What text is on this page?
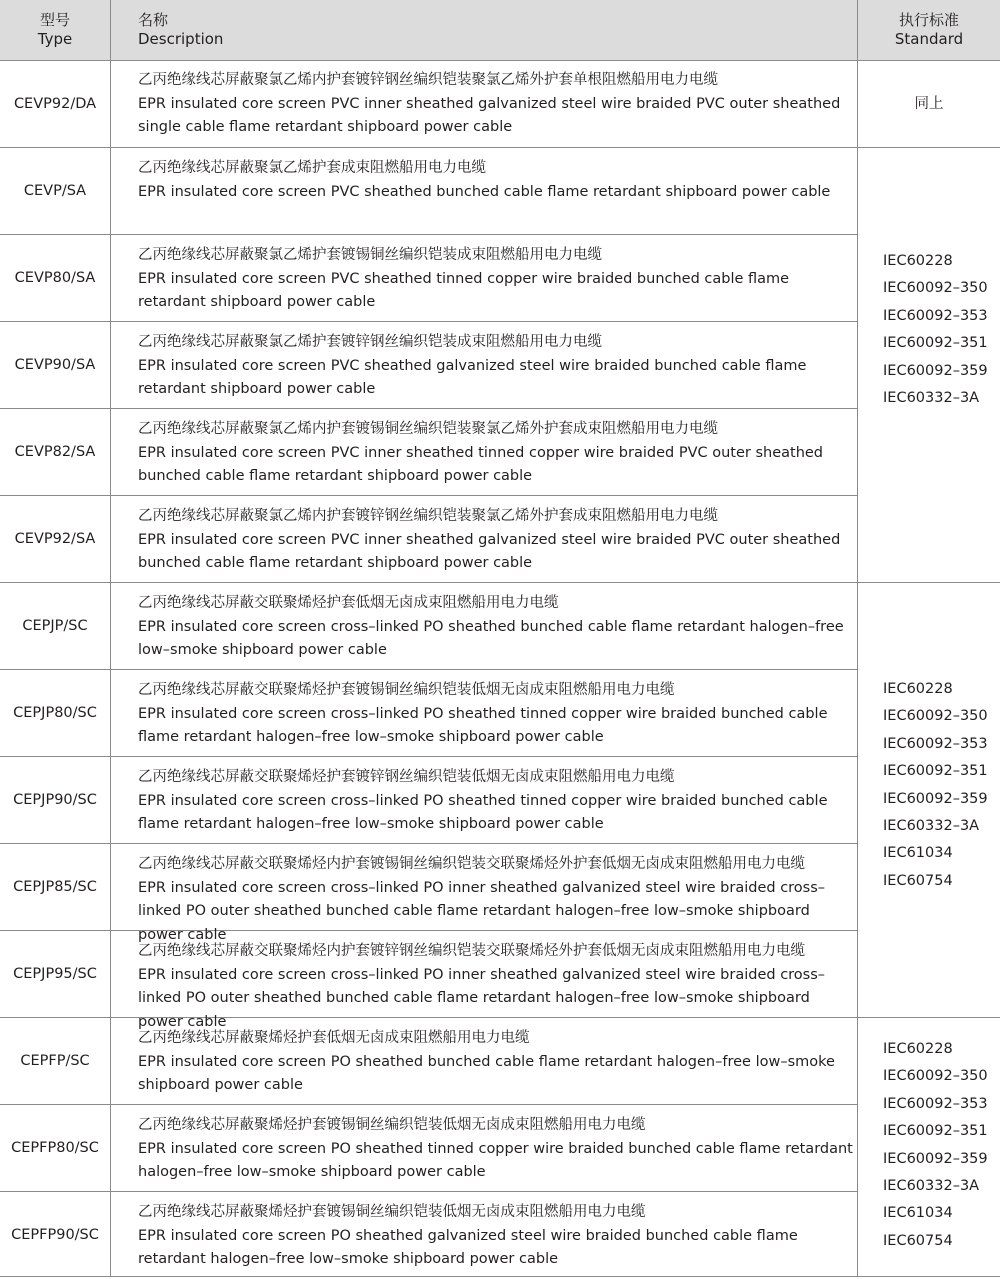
型号
Type
名称
Description
执行标准
Standard
CEVP92/DA
乙丙绝缘线芯屏蔽聚氯乙烯内护套镀锌钢丝编织铠装聚氯乙烯外护套单根阻燃船用电力电缆
EPR insulated core screen PVC inner sheathed galvanized steel wire braided PVC outer sheathed single cable flame retardant shipboard power cable
CEVP/SA
乙丙绝缘线芯屏蔽聚氯乙烯护套成束阻燃船用电力电缆
EPR insulated core screen PVC sheathed bunched cable flame retardant shipboard power cable
CEVP80/SA
乙丙绝缘线芯屏蔽聚氯乙烯护套镀锡铜丝编织铠装成束阻燃船用电力电缆
EPR insulated core screen PVC sheathed tinned copper wire braided bunched cable flame retardant shipboard power cable
CEVP90/SA
乙丙绝缘线芯屏蔽聚氯乙烯护套镀锌钢丝编织铠装成束阻燃船用电力电缆
EPR insulated core screen PVC sheathed galvanized steel wire braided bunched cable flame retardant shipboard power cable
CEVP82/SA
乙丙绝缘线芯屏蔽聚氯乙烯内护套镀锡铜丝编织铠装聚氯乙烯外护套成束阻燃船用电力电缆
EPR insulated core screen PVC inner sheathed tinned copper wire braided PVC outer sheathed bunched cable flame retardant shipboard power cable
CEVP92/SA
乙丙绝缘线芯屏蔽聚氯乙烯内护套镀锌钢丝编织铠装聚氯乙烯外护套成束阻燃船用电力电缆
EPR insulated core screen PVC inner sheathed galvanized steel wire braided PVC outer sheathed bunched cable flame retardant shipboard power cable
CEPJP/SC
乙丙绝缘线芯屏蔽交联聚烯烃护套低烟无卤成束阻燃船用电力电缆
EPR insulated core screen cross–linked PO sheathed bunched cable flame retardant halogen–free low–smoke shipboard power cable
CEPJP80/SC
乙丙绝缘线芯屏蔽交联聚烯烃护套镀锡铜丝编织铠装低烟无卤成束阻燃船用电力电缆
EPR insulated core screen cross–linked PO sheathed tinned copper wire braided bunched cable flame retardant halogen–free low–smoke shipboard power cable
CEPJP90/SC
乙丙绝缘线芯屏蔽交联聚烯烃护套镀锌钢丝编织铠装低烟无卤成束阻燃船用电力电缆
EPR insulated core screen cross–linked PO sheathed tinned copper wire braided bunched cable flame retardant halogen–free low–smoke shipboard power cable
CEPJP85/SC
乙丙绝缘线芯屏蔽交联聚烯烃内护套镀锡铜丝编织铠装交联聚烯烃外护套低烟无卤成束阻燃船用电力电缆
EPR insulated core screen cross–linked PO inner sheathed galvanized steel wire braided cross–linked PO outer sheathed bunched cable flame retardant halogen–free low–smoke shipboard power cable
CEPJP95/SC
乙丙绝缘线芯屏蔽交联聚烯烃内护套镀锌钢丝编织铠装交联聚烯烃外护套低烟无卤成束阻燃船用电力电缆
EPR insulated core screen cross–linked PO inner sheathed galvanized steel wire braided cross–linked PO outer sheathed bunched cable flame retardant halogen–free low–smoke shipboard power cable
CEPFP/SC
乙丙绝缘线芯屏蔽聚烯烃护套低烟无卤成束阻燃船用电力电缆
EPR insulated core screen PO sheathed bunched cable flame retardant halogen–free low–smoke shipboard power cable
CEPFP80/SC
乙丙绝缘线芯屏蔽聚烯烃护套镀锡铜丝编织铠装低烟无卤成束阻燃船用电力电缆
EPR insulated core screen PO sheathed tinned copper wire braided bunched cable flame retardant halogen–free low–smoke shipboard power cable
CEPFP90/SC
乙丙绝缘线芯屏蔽聚烯烃护套镀锡铜丝编织铠装低烟无卤成束阻燃船用电力电缆
EPR insulated core screen PO sheathed galvanized steel wire braided bunched cable flame retardant halogen–free low–smoke shipboard power cable
同上
IEC60228
IEC60092–350
IEC60092–353
IEC60092–351
IEC60092–359
IEC60332–3A
IEC60228
IEC60092–350
IEC60092–353
IEC60092–351
IEC60092–359
IEC60332–3A
IEC61034
IEC60754
IEC60228
IEC60092–350
IEC60092–353
IEC60092–351
IEC60092–359
IEC60332–3A
IEC61034
IEC60754
